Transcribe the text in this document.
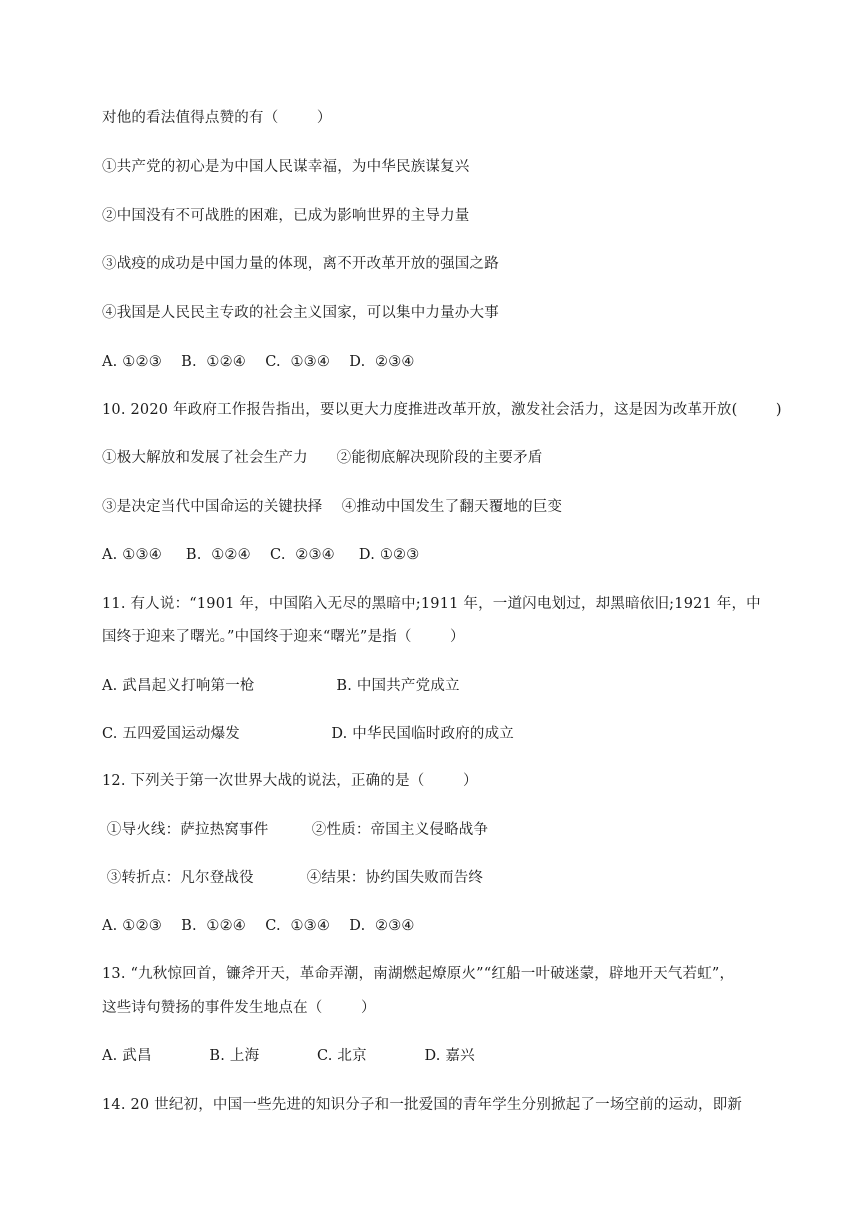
对他的看法值得点赞的有（        ）
①共产党的初心是为中国人民谋幸福，为中华民族谋复兴
②中国没有不可战胜的困难，已成为影响世界的主导力量
③战疫的成功是中国力量的体现，离不开改革开放的强国之路
④我国是人民民主专政的社会主义国家，可以集中力量办大事
A. ①②③    B.  ①②④    C.  ①③④    D.  ②③④
10. 2020 年政府工作报告指出，要以更大力度推进改革开放，激发社会活力，这是因为改革开放(        )
①极大解放和发展了社会生产力      ②能彻底解决现阶段的主要矛盾
③是决定当代中国命运的关键抉择    ④推动中国发生了翻天覆地的巨变
A. ①③④     B.  ①②④    C.  ②③④     D. ①②③
11. 有人说：“1901 年，中国陷入无尽的黑暗中;1911 年，一道闪电划过，却黑暗依旧;1921 年，中
国终于迎来了曙光。”中国终于迎来“曙光”是指（        ）
A. 武昌起义打响第一枪                 B. 中国共产党成立
C. 五四爱国运动爆发                   D. 中华民国临时政府的成立
12. 下列关于第一次世界大战的说法，正确的是（        ）
①导火线：萨拉热窝事件         ②性质：帝国主义侵略战争
③转折点：凡尔登战役           ④结果：协约国失败而告终
A. ①②③    B.  ①②④    C.  ①③④    D.  ②③④
13. “九秋惊回首，镰斧开天，革命弄潮，南湖燃起燎原火”“红船一叶破迷蒙，辟地开天气若虹”，
这些诗句赞扬的事件发生地点在（        ）
A. 武昌            B. 上海            C. 北京            D. 嘉兴
14. 20 世纪初，中国一些先进的知识分子和一批爱国的青年学生分别掀起了一场空前的运动，即新
